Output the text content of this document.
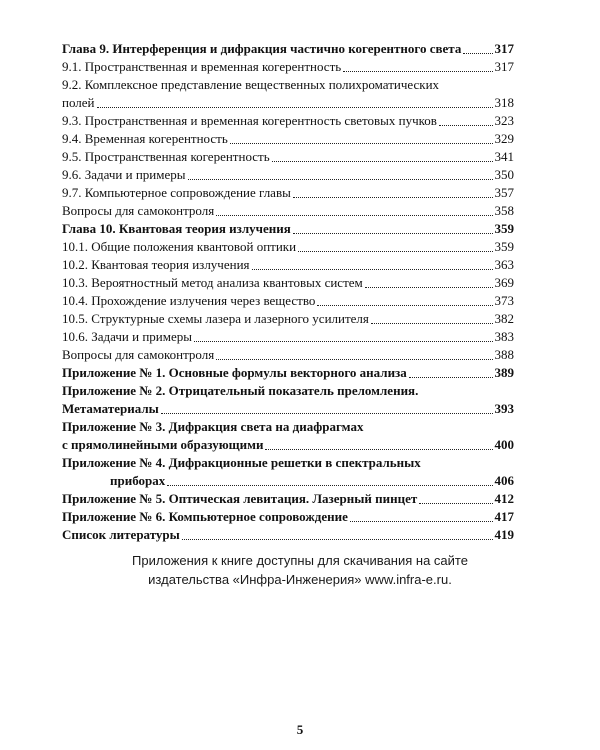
Глава 9. Интерференция и дифракция частично когерентного света	317
9.1. Пространственная и временная когерентность	317
9.2. Комплексное представление вещественных полихроматических
полей	318
9.3. Пространственная и временная когерентность световых пучков	323
9.4. Временная когерентность	329
9.5. Пространственная когерентность	341
9.6. Задачи и примеры	350
9.7. Компьютерное сопровождение главы	357
Вопросы для самоконтроля	358
Глава 10. Квантовая теория излучения	359
10.1. Общие положения квантовой оптики	359
10.2. Квантовая теория излучения	363
10.3. Вероятностный метод анализа квантовых систем	369
10.4. Прохождение излучения через вещество	373
10.5. Структурные схемы лазера и лазерного усилителя	382
10.6. Задачи и примеры	383
Вопросы для самоконтроля	388
Приложение № 1. Основные формулы векторного анализа	389
Приложение № 2. Отрицательный показатель преломления.
Метаматериалы	393
Приложение № 3. Дифракция света на диафрагмах
с прямолинейными образующими	400
Приложение № 4. Дифракционные решетки в спектральных
приборах	406
Приложение № 5. Оптическая левитация. Лазерный пинцет	412
Приложение № 6. Компьютерное сопровождение	417
Список литературы	419
Приложения к книге доступны для скачивания на сайте
издательства «Инфра-Инженерия» www.infra-e.ru.
5
